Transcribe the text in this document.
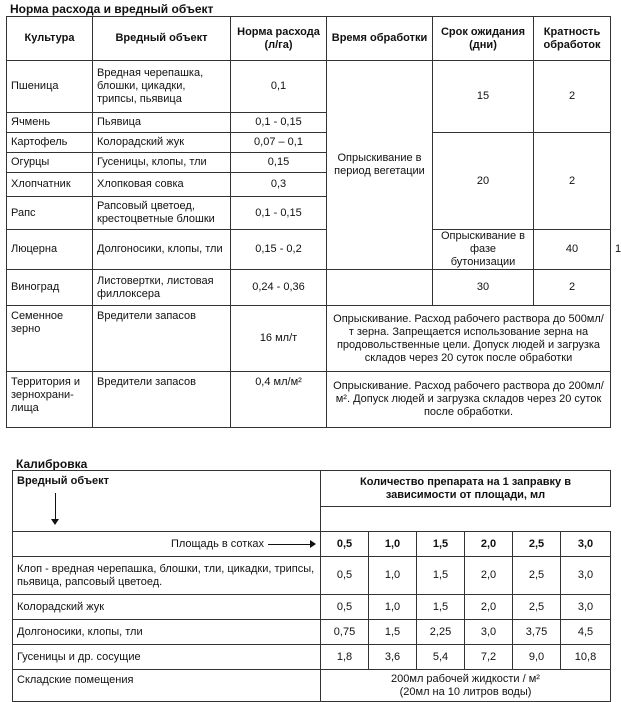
Норма расхода и вредный объект
Культура	Вредный объект	Норма расхода (л/га)	Время обработки	Срок ожидания (дни)	Кратность обработок	
Пшеница	Вредная черепашка, блошки, цикадки, трипсы, пьявица	0,1	Опрыскивание в период вегетации	15	2	
Ячмень	Пьявица	0,1 - 0,15				
Картофель	Колорадский жук	0,07 – 0,1		20	2	
Огурцы	Гусеницы, клопы, тли	0,15				
Хлопчатник	Хлопковая совка	0,3				
Рапс	Рапсовый цветоед, крестоцветные блошки	0,1 - 0,15				
Люцерна	Долгоносики, клопы, тли	0,15 - 0,2		Опрыскивание в фазе бутонизации	40	1
Виноград	Листовертки, листовая филлоксера	0,24 - 0,36		30	2	
Семенное зерно	Вредители запасов	16 мл/т	Опрыскивание. Расход рабочего раствора до 500мл/т зерна. Запрещается использование зерна на продовольственные цели. Допуск людей и загрузка складов через 20 суток после обработки			
Территория и зернохрани-лища	Вредители запасов	0,4 мл/м²	Опрыскивание. Расход рабочего раствора до 200мл/м². Допуск людей и загрузка складов через 20 суток после обработки.			
Калибровка
Вредный объект	Количество препарата на 1 заправку в зависимости от площади, мл					

Площадь в сотках	0,5	1,0	1,5	2,0	2,5	3,0
Клоп - вредная черепашка, блошки, тли, цикадки, трипсы, пьявица, рапсовый цветоед.	0,5	1,0	1,5	2,0	2,5	3,0
Колорадский жук	0,5	1,0	1,5	2,0	2,5	3,0
Долгоносики, клопы, тли	0,75	1,5	2,25	3,0	3,75	4,5
Гусеницы и др. сосущие	1,8	3,6	5,4	7,2	9,0	10,8
Складские помещения	200мл рабочей жидкости / м²
(20мл на 10 литров воды)					
